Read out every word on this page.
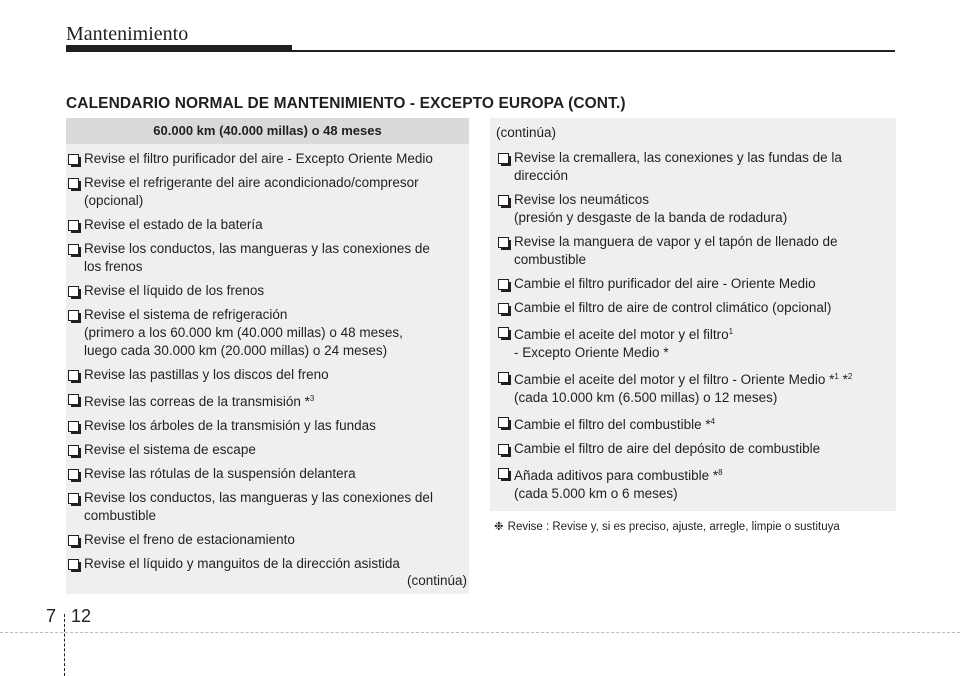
Mantenimiento
CALENDARIO NORMAL DE MANTENIMIENTO - EXCEPTO EUROPA (CONT.)
60.000 km (40.000 millas) o 48 meses
Revise el filtro purificador del aire - Excepto Oriente Medio
Revise el refrigerante del aire acondicionado/compresor
(opcional)
Revise el estado de la batería
Revise los conductos, las mangueras y las conexiones de
los frenos
Revise el líquido de los frenos
Revise el sistema de refrigeración
(primero a los 60.000 km (40.000 millas) o 48 meses,
luego cada 30.000 km (20.000 millas) o 24 meses)
Revise las pastillas y los discos del freno
Revise las correas de la transmisión *$^3$
Revise los árboles de la transmisión y las fundas
Revise el sistema de escape
Revise las rótulas de la suspensión delantera
Revise los conductos, las mangueras y las conexiones del
combustible
Revise el freno de estacionamiento
Revise el líquido y manguitos de la dirección asistida
(continúa)
(continúa)
Revise la cremallera, las conexiones y las fundas de la
dirección
Revise los neumáticos
(presión y desgaste de la banda de rodadura)
Revise la manguera de vapor y el tapón de llenado de
combustible
Cambie el filtro purificador del aire - Oriente Medio
Cambie el filtro de aire de control climático (opcional)
Cambie el aceite del motor y el filtro$^1$
- Excepto Oriente Medio *
Cambie el aceite del motor y el filtro - Oriente Medio *$^1$ *$^2$
(cada 10.000 km (6.500 millas) o 12 meses)
Cambie el filtro del combustible *$^4$
Cambie el filtro de aire del depósito de combustible
Añada aditivos para combustible *$^8$
(cada 5.000 km o 6 meses)
❉ Revise : Revise y, si es preciso, ajuste, arregle, limpie o sustituya
7 12
